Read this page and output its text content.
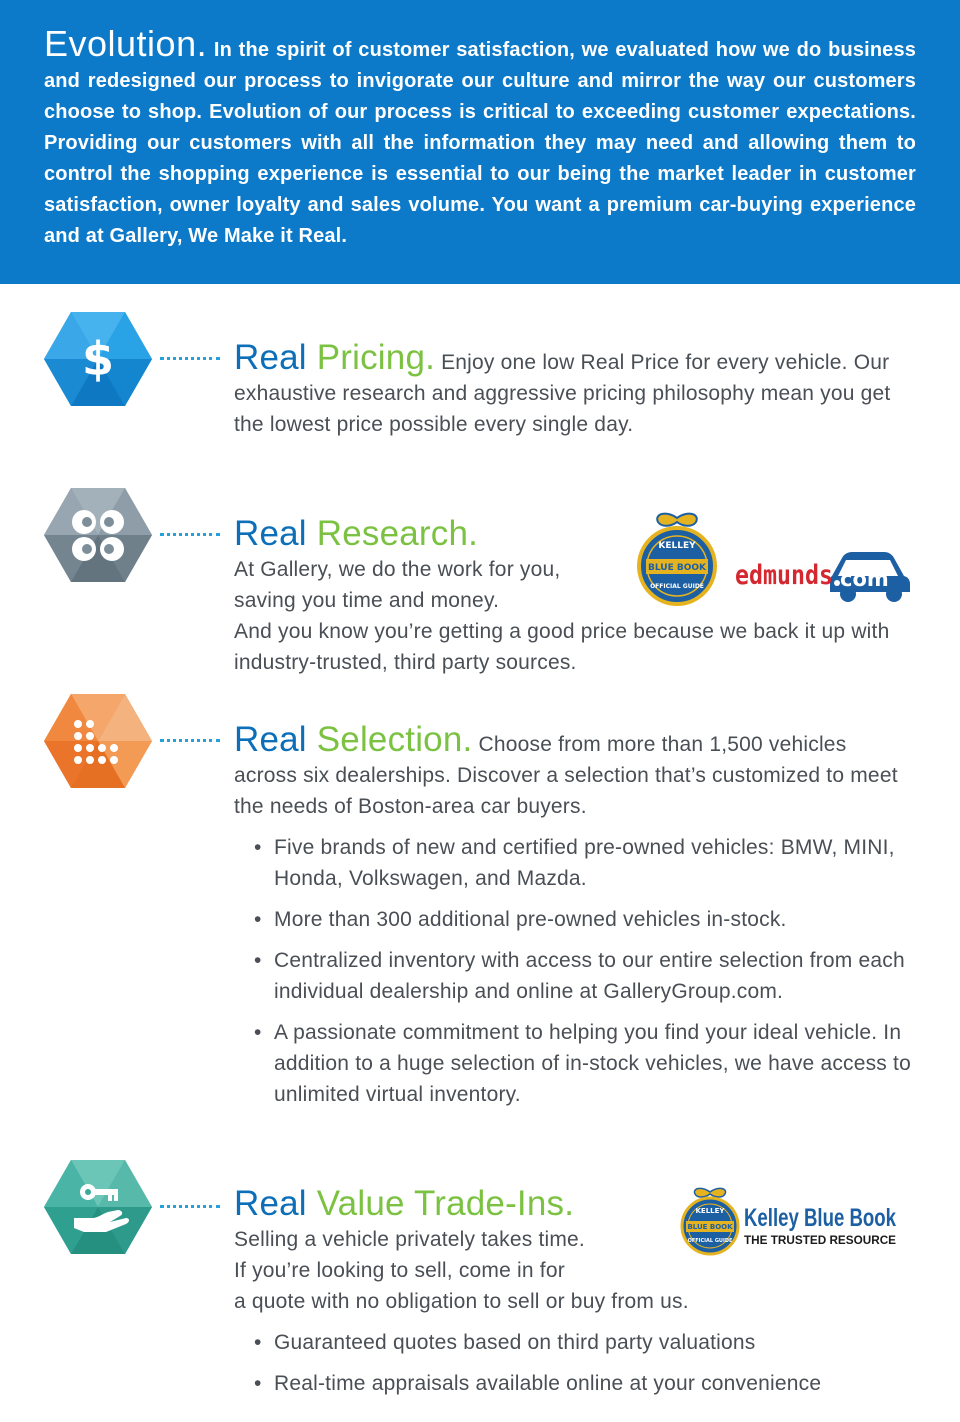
Evolution. In the spirit of customer satisfaction, we evaluated how we do business and redesigned our process to invigorate our culture and mirror the way our customers choose to shop. Evolution of our process is critical to exceeding customer expectations. Providing our customers with all the information they may need and allowing them to control the shopping experience is essential to our being the market leader in customer satisfaction, owner loyalty and sales volume. You want a premium car-buying experience and at Gallery, We Make it Real.

$	Real Pricing. Enjoy one low Real Price for every vehicle. Our exhaustive research and aggressive pricing philosophy mean you get the lowest price possible every single day.
Real Research.
At Gallery, we do the work for you,
saving you time and money.
And you know you’re getting a good price because we back it up with industry-trusted, third party sources.
KELLEY
BLUE BOOK
OFFICIAL GUIDE edmunds com
Real Selection. Choose from more than 1,500 vehicles across six dealerships. Discover a selection that’s customized to meet the needs of Boston-area car buyers.
• Five brands of new and certified pre-owned vehicles: BMW, MINI, Honda, Volkswagen, and Mazda.
• More than 300 additional pre-owned vehicles in-stock.
• Centralized inventory with access to our entire selection from each individual dealership and online at GalleryGroup.com.
• A passionate commitment to helping you find your ideal vehicle. In addition to a huge selection of in-stock vehicles, we have access to unlimited virtual inventory.
Real Value Trade-Ins.
Selling a vehicle privately takes time.
If you’re looking to sell, come in for
a quote with no obligation to sell or buy from us.
• Guaranteed quotes based on third party valuations
• Real-time appraisals available online at your convenience
KELLEY
BLUE BOOK
OFFICIAL GUIDE
Kelley Blue Book
THE TRUSTED RESOURCE
